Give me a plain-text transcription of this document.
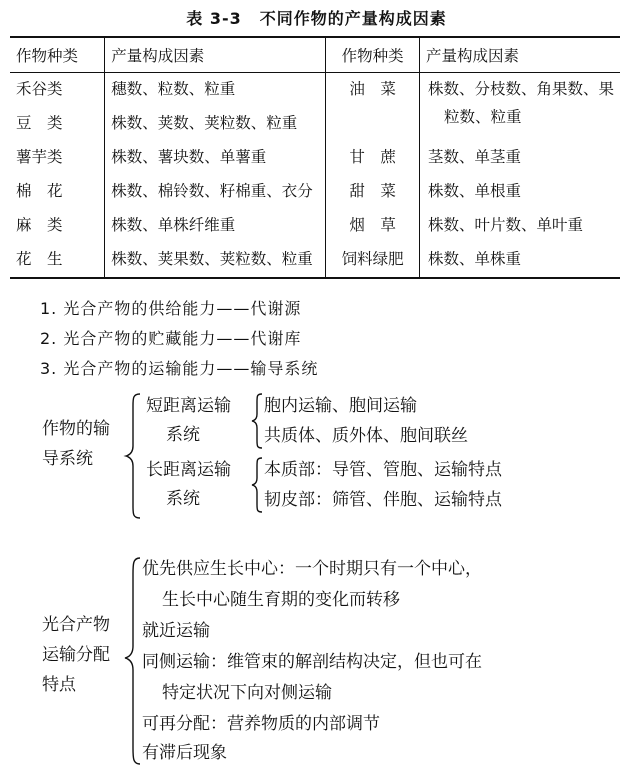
表 3-3 不同作物的产量构成因素
作物种类	产量构成因素	作物种类	产量构成因素
禾谷类	穗数、粒数、粒重	油　菜	株数、分枝数、角果数、果
粒数、粒重

豆　类	株数、荚数、荚粒数、粒重		
薯芋类	株数、薯块数、单薯重	甘　蔗	茎数、单茎重
棉　花	株数、棉铃数、籽棉重、衣分	甜　菜	株数、单根重
麻　类	株数、单株纤维重	烟　草	株数、叶片数、单叶重
花　生	株数、荚果数、荚粒数、粒重	饲料绿肥	株数、单株重
1. 光合产物的供给能力——代谢源
2. 光合产物的贮藏能力——代谢库
3. 光合产物的运输能力——输导系统
作物的输
导系统
短距离运输
系统
胞内运输、胞间运输
共质体、质外体、胞间联丝
长距离运输
系统
本质部：导管、管胞、运输特点
韧皮部：筛管、伴胞、运输特点
光合产物
运输分配
特点
优先供应生长中心：一个时期只有一个中心，
生长中心随生育期的变化而转移
就近运输
同侧运输：维管束的解剖结构决定，但也可在
特定状况下向对侧运输
可再分配：营养物质的内部调节
有滞后现象
